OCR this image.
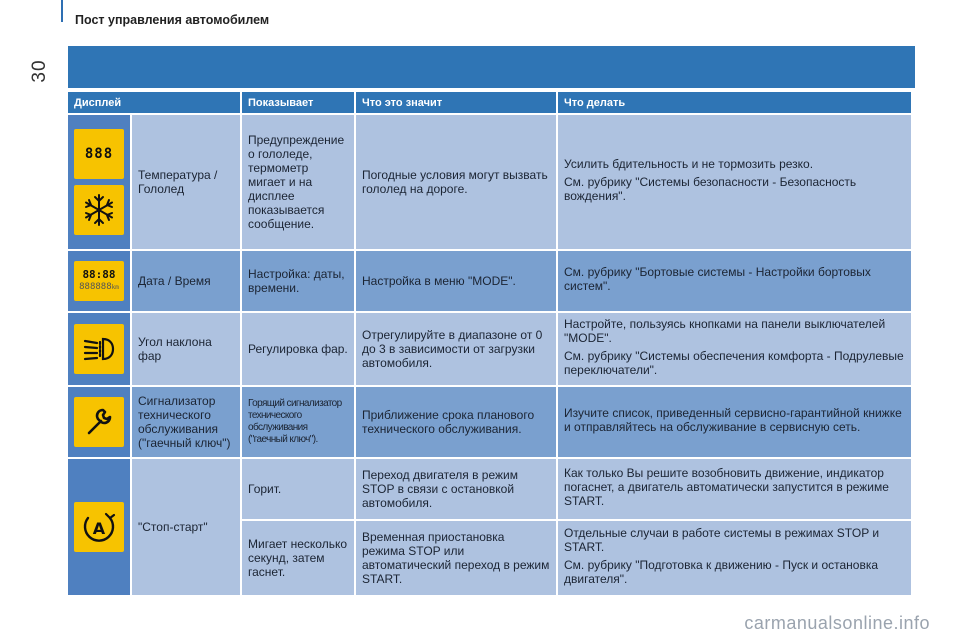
30
Пост управления автомобилем
Дисплей		Показывает	Что это значит	Что делать

888	Температура / Гололед	Предупреждение о гололеде, термометр мигает и на дисплее показывается сообщение.	Погодные условия могут вызвать гололед на дороге.	Усилить бдительность и не тормозить резко.

См. рубрику "Системы безопасности - Безопасность вождения".

88:88
888888km	Дата / Время	Настройка: даты, времени.	Настройка в меню "MODE".	См. рубрику "Бортовые системы - Настройки бортовых систем".

	Угол наклона фар	Регулировка фар.	Отрегулируйте в диапазоне от 0 до 3 в зависимости от загрузки автомобиля.	Настройте, пользуясь кнопками на панели выключателей "MODE".

См. рубрику "Системы обеспечения комфорта - Подрулевые переключатели".

	Сигнализатор технического обслуживания ("гаечный ключ")	Горящий сигнализатор технического обслуживания ("гаечный ключ").	Приближение срока планового технического обслуживания.	Изучите список, приведенный сервисно-гарантийной книжке и отправляйтесь на обслуживание в сервисную сеть.

A	"Стоп-старт"	Горит.	Переход двигателя в режим STOP в связи с остановкой автомобиля.	Как только Вы решите возобновить движение, индикатор погаснет, а двигатель автоматически запустится в режиме START.

		Мигает несколько секунд, затем гаснет.	Временная приостановка режима STOP или автоматический переход в режим START.	Отдельные случаи в работе системы в режимах STOP и START.

См. рубрику "Подготовка к движению - Пуск и остановка двигателя".

carmanualsonline.info
